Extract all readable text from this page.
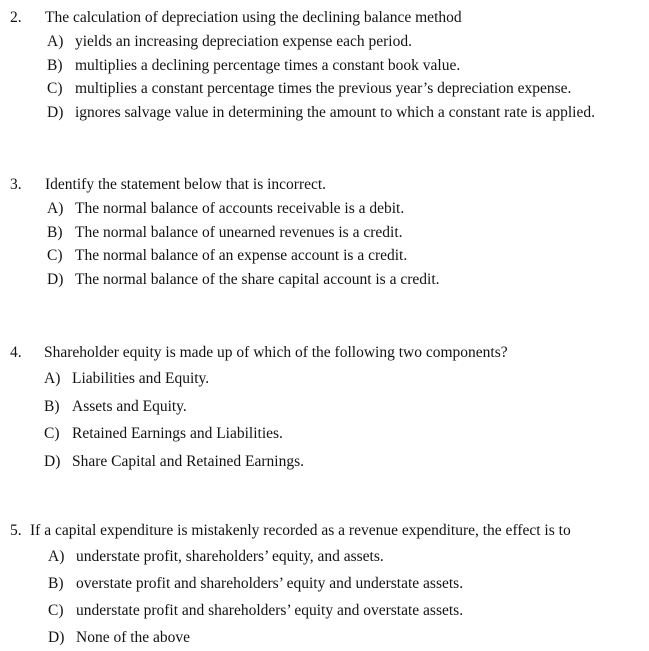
2.	The calculation of depreciation using the declining balance method
A) yields an increasing depreciation expense each period.
B) multiplies a declining percentage times a constant book value.
C) multiplies a constant percentage times the previous year’s depreciation expense.
D) ignores salvage value in determining the amount to which a constant rate is applied.
3.	Identify the statement below that is incorrect.
A) The normal balance of accounts receivable is a debit.
B) The normal balance of unearned revenues is a credit.
C) The normal balance of an expense account is a credit.
D) The normal balance of the share capital account is a credit.
4.	Shareholder equity is made up of which of the following two components?
A) Liabilities and Equity.
B) Assets and Equity.
C) Retained Earnings and Liabilities.
D) Share Capital and Retained Earnings.
5. If a capital expenditure is mistakenly recorded as a revenue expenditure, the effect is to
A) understate profit, shareholders’ equity, and assets.
B) overstate profit and shareholders’ equity and understate assets.
C) understate profit and shareholders’ equity and overstate assets.
D) None of the above
